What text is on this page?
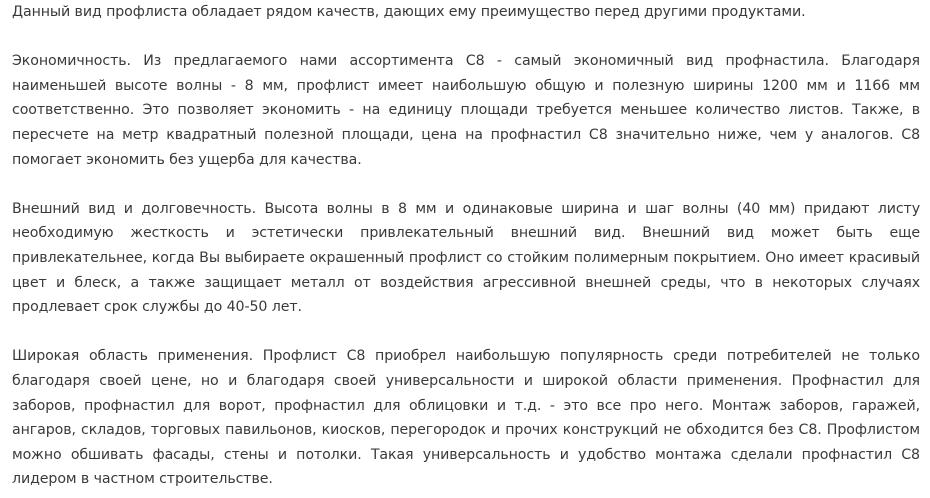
Данный вид профлиста обладает рядом качеств, дающих ему преимущество перед другими продуктами.

Экономичность. Из предлагаемого нами ассортимента С8 - самый экономичный вид профнастила. Благодаря наименьшей высоте волны - 8 мм, профлист имеет наибольшую общую и полезную ширины 1200 мм и 1166 мм соответственно. Это позволяет экономить - на единицу площади требуется меньшее количество листов. Также, в пересчете на метр квадратный полезной площади, цена на профнастил С8 значительно ниже, чем у аналогов. С8 помогает экономить без ущерба для качества.

Внешний вид и долговечность. Высота волны в 8 мм и одинаковые ширина и шаг волны (40 мм) придают листу необходимую жесткость и эстетически привлекательный внешний вид. Внешний вид может быть еще привлекательнее, когда Вы выбираете окрашенный профлист со стойким полимерным покрытием. Оно имеет красивый цвет и блеск, а также защищает металл от воздействия агрессивной внешней среды, что в некоторых случаях продлевает срок службы до 40-50 лет.

Широкая область применения. Профлист С8 приобрел наибольшую популярность среди потребителей не только благодаря своей цене, но и благодаря своей универсальности и широкой области применения. Профнастил для заборов, профнастил для ворот, профнастил для облицовки и т.д. - это все про него. Монтаж заборов, гаражей, ангаров, складов, торговых павильонов, киосков, перегородок и прочих конструкций не обходится без С8. Профлистом можно обшивать фасады, стены и потолки. Такая универсальность и удобство монтажа сделали профнастил С8 лидером в частном строительстве.
